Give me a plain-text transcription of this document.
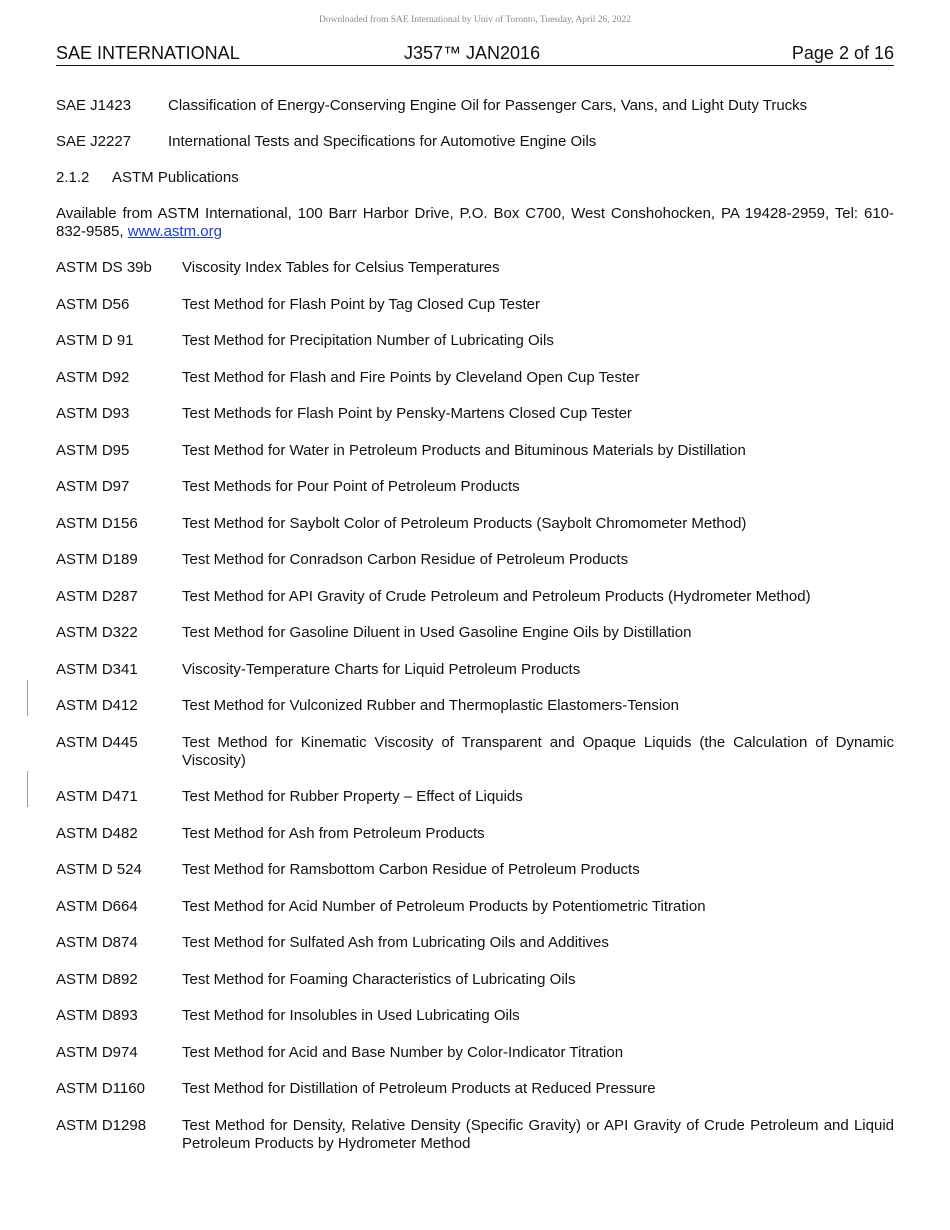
Downloaded from SAE International by Univ of Toronto, Tuesday, April 26, 2022
SAE INTERNATIONAL	J357™ JAN2016	Page 2 of 16
SAE J1423	Classification of Energy-Conserving Engine Oil for Passenger Cars, Vans, and Light Duty Trucks
SAE J2227	International Tests and Specifications for Automotive Engine Oils
2.1.2 ASTM Publications
Available from ASTM International, 100 Barr Harbor Drive, P.O. Box C700, West Conshohocken, PA 19428-2959, Tel: 610-832-9585, www.astm.org
ASTM DS 39b	Viscosity Index Tables for Celsius Temperatures
ASTM D56	Test Method for Flash Point by Tag Closed Cup Tester
ASTM D 91	Test Method for Precipitation Number of Lubricating Oils
ASTM D92	Test Method for Flash and Fire Points by Cleveland Open Cup Tester
ASTM D93	Test Methods for Flash Point by Pensky-Martens Closed Cup Tester
ASTM D95	Test Method for Water in Petroleum Products and Bituminous Materials by Distillation
ASTM D97	Test Methods for Pour Point of Petroleum Products
ASTM D156	Test Method for Saybolt Color of Petroleum Products (Saybolt Chromometer Method)
ASTM D189	Test Method for Conradson Carbon Residue of Petroleum Products
ASTM D287	Test Method for API Gravity of Crude Petroleum and Petroleum Products (Hydrometer Method)
ASTM D322	Test Method for Gasoline Diluent in Used Gasoline Engine Oils by Distillation
ASTM D341	Viscosity-Temperature Charts for Liquid Petroleum Products
ASTM D412	Test Method for Vulconized Rubber and Thermoplastic Elastomers-Tension
ASTM D445	Test Method for Kinematic Viscosity of Transparent and Opaque Liquids (the Calculation of Dynamic Viscosity)
ASTM D471	Test Method for Rubber Property – Effect of Liquids
ASTM D482	Test Method for Ash from Petroleum Products
ASTM D 524	Test Method for Ramsbottom Carbon Residue of Petroleum Products
ASTM D664	Test Method for Acid Number of Petroleum Products by Potentiometric Titration
ASTM D874	Test Method for Sulfated Ash from Lubricating Oils and Additives
ASTM D892	Test Method for Foaming Characteristics of Lubricating Oils
ASTM D893	Test Method for Insolubles in Used Lubricating Oils
ASTM D974	Test Method for Acid and Base Number by Color-Indicator Titration
ASTM D1160	Test Method for Distillation of Petroleum Products at Reduced Pressure
ASTM D1298	Test Method for Density, Relative Density (Specific Gravity) or API Gravity of Crude Petroleum and Liquid Petroleum Products by Hydrometer Method
